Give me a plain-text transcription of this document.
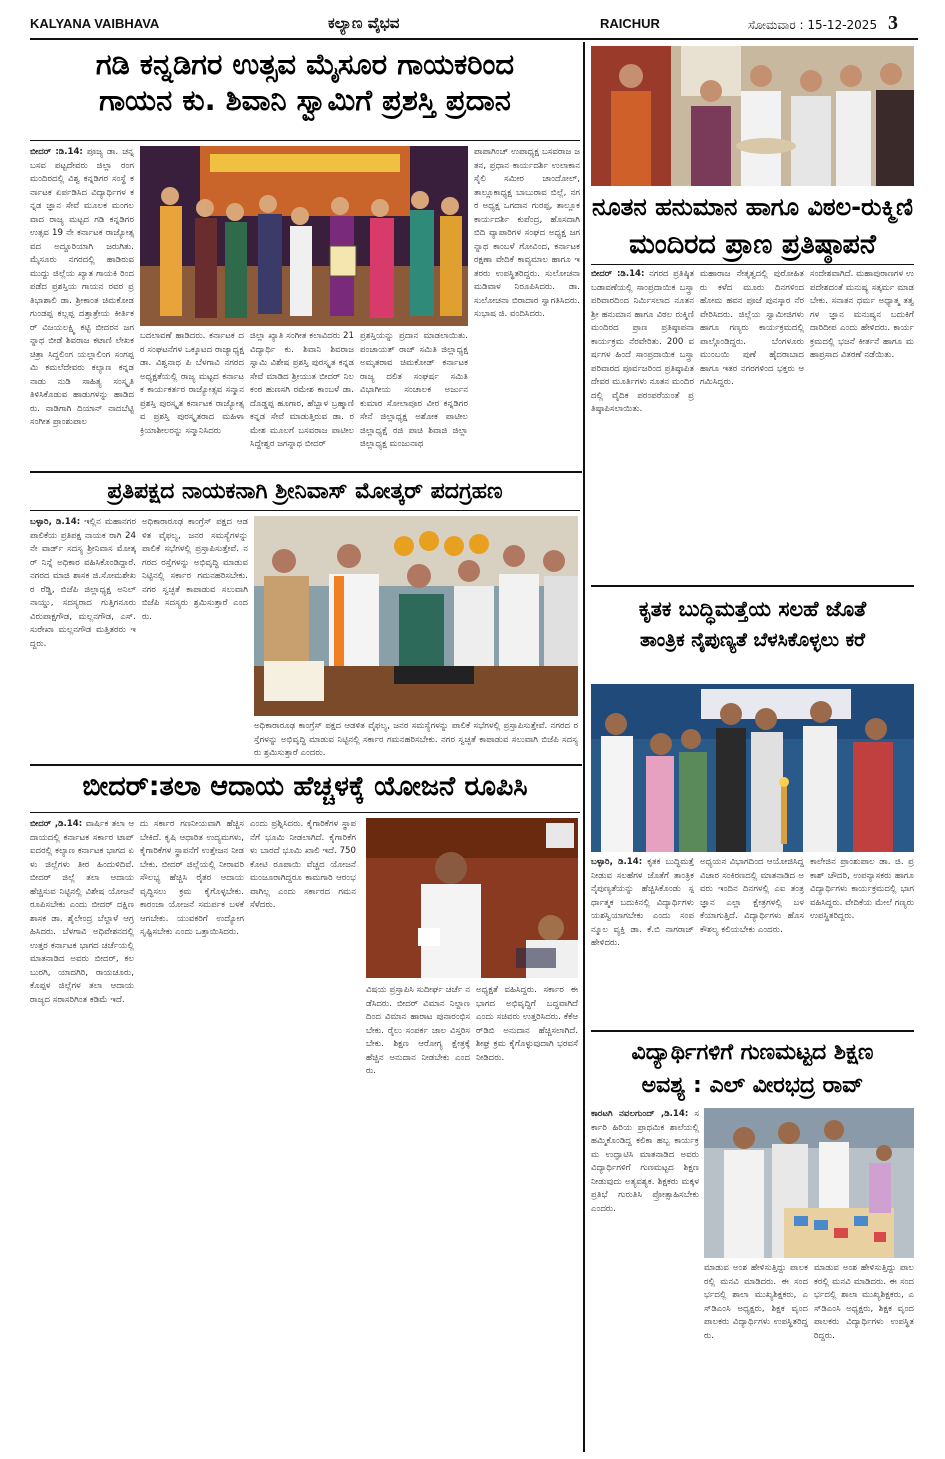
KALYANA VAIBHAVA	ಕಲ್ಯಾಣ ವೈಭವ	RAICHUR	ಸೋಮವಾರ : 15-12-2025 3
ಗಡಿ ಕನ್ನಡಿಗರ ಉತ್ಸವ ಮೈಸೂರ ಗಾಯಕರಿಂದ
ಗಾಯನ ಕು. ಶಿವಾನಿ ಸ್ವಾಮಿಗೆ ಪ್ರಶಸ್ತಿ ಪ್ರದಾನ
ಬೀದರ್ :ಡಿ.14: ಪೂಜ್ಯ ಡಾ. ಚನ್ನಬಸವ ಪಟ್ಟದೇವರು ಜಿಲ್ಲಾ ರಂಗಮಂದಿರದಲ್ಲಿ ವಿಶ್ವ ಕನ್ನಡಿಗರ ಸಂಸ್ಥೆ ಕರ್ನಾಟಕ ಏರ್ಪಡಿಸಿದ ವಿದ್ಯಾರ್ಥಿಗಳ ಕನ್ನಡ ಜ್ಞಾನ ಸೇವೆ ಮೂಲಕ ಮಂಗಲ ವಾದ ರಾಜ್ಯ ಮಟ್ಟದ ಗಡಿ ಕನ್ನಡಿಗರ ಉತ್ಸವ 19 ನೇ ಕರ್ನಾಟಕ ರಾಜ್ಯೋತ್ಸವದ ಅದ್ದೂರಿಯಾಗಿ ಜರುಗಿತು. ಮೈಸೂರು ನಗರದಲ್ಲಿ ಹಾಡಿರುವ ಮುದ್ದು ಜಿಲ್ಲೆಯ ಖ್ಯಾತ ಗಾಯಕಿ ರಿಂದ ಪಡೆದ ಪ್ರಶಸ್ತಿಯ ಗಾಯನ ರವರ ಪ್ರತಿಭಾಶಾಲಿ ಡಾ. ಶ್ರೀಕಾಂತ ಚಿಮಕೋಡ ಗುಂಡಪ್ಪ ಕಲ್ಲಪ್ಪ ದತ್ತಾತ್ರೇಯ ಕೀರ್ತಿಕರ್ ವಿಜಯಲಕ್ಷ್ಮಿ ಕಟ್ಟಿ ಬೀದರನ ಜಗನ್ನಾಥ ಬೀಡೆ ಶಿವರಾಜ ಕಟಾಣಿ ಲೇಖಕ ಚಿತ್ರಾ ಸಿದ್ದಲಿಂಗ ಯಲ್ಲಾಲಿಂಗ ಸಂಗಪ್ಪ ಮಿ ಕಮಲೆದೇವರು ಕಲ್ಯಾಣ ಕನ್ನಡ ನಾಡು ನುಡಿ ಸಾಹಿತ್ಯ ಸಂಸ್ಕೃತಿ ತಿಳಿಸಿಕೊಡುವ ಹಾಡುಗಳನ್ನು ಹಾಡಿದರು. ನಾಡಿಗಾಗಿ ದಿಯಾನ್ ನಾದಬೆಟ್ಟಿ ಸಂಗೀತ ಪ್ರಾಂಶುಪಾಲ
ಬದಲಾವಣೆ ಹಾಡಿದರು. ಕರ್ನಾಟಕ ದರ ಸಂಘಟನೆಗಳ ಒಕ್ಕೂಟದ ರಾಜ್ಯಾಧ್ಯಕ್ಷ ಡಾ. ವಿಶ್ವನಾಥ ಪಿ ಬೆಳಗಾವಿ ನಗರದ ಅಧ್ಯಕ್ಷತೆಯಲ್ಲಿ ರಾಜ್ಯ ಮಟ್ಟದ ಕರ್ನಾಟಕ ಕಾರ್ಯಕರ್ತರ ರಾಜ್ಯೋತ್ಸವ ಸನ್ಮಾನ ಪ್ರಶಸ್ತಿ ಪುರಸ್ಕೃತ ಕರ್ನಾಟಕ ರಾಜ್ಯೋತ್ಸವ ಪ್ರಶಸ್ತಿ ಪುರಸ್ಕೃತರಾದ ಮಹಿಳಾ ಕ್ರಿಯಾಶೀಲರನ್ನು ಸನ್ಮಾನಿಸಿದರು
ಜಿಲ್ಲಾ ಖ್ಯಾತಿ ಸಂಗೀತ ಕಲಾವಿದರು 21 ವಿದ್ಯಾರ್ಥಿ ಕು. ಶಿವಾನಿ ಶಿವರಾಜ ಸ್ವಾಮಿ ವಿಶೇಷ ಪ್ರಶಸ್ತಿ ಪುರಸ್ಕೃತ ಕನ್ನಡ ಸೇವೆ ಮಾಡಿದ ಶ್ರೀಯುತ ಬೀದರ್ ನಿಲಕಂಠ ಹುಣಸಗಿ ರಮೇಶ ಕಾಂಬಳೆ ಡಾ. ದೊಡ್ಡಪ್ಪ ಹೂಗಾರ, ಹೆಬ್ಬಾಳ ಬ್ರಹ್ಮಾಣಿ ಕನ್ನಡ ಸೇವೆ ಮಾಡುತ್ತಿರುವ ಡಾ. ರಮೇಶ ಮೂಲಗೆ ಬಸವರಾಜ ಪಾಟೀಲ ಸಿದ್ದೇಶ್ವರ ಜಗನ್ನಾಥ ಬೀದರ್
ಪ್ರಶಸ್ತಿಯನ್ನು ಪ್ರದಾನ ಮಾಡಲಾಯಿತು. ಪಂಚಾಯತ್ ರಾಜ್ ಸಮಿತಿ ಜಿಲ್ಲಾಧ್ಯಕ್ಷ ಅಮೃತರಾವ ಚಿಮಕೋಡ್ ಕರ್ನಾಟಕ ರಾಜ್ಯ ದಲಿತ ಸಂಘರ್ಷ ಸಮಿತಿ ವಿಭಾಗೀಯ ಸಂಚಾಲಕ ಅರ್ಜುನಕುಮಾರ ಸೋಲಾಪೂರ ವೀರ ಕನ್ನಡಿಗರ ಸೇನೆ ಜಿಲ್ಲಾಧ್ಯಕ್ಷ ಅಶೋಕ ಪಾಟೀಲ ಜಿಲ್ಲಾಧ್ಯಕ್ಷೆ ರಜಿ ಪಾಚಿ ಶಿವಾಜಿ ಜಿಲ್ಲಾ ಜಿಲ್ಲಾಧ್ಯಕ್ಷ ಮಂಜುನಾಥ
ಪಾಪಾಗಿಂಚ್ ಉಪಾಧ್ಯಕ್ಷ ಬಸವರಾಜ ಜತನ, ಪ್ರಧಾನ ಕಾರ್ಯದರ್ಶಿ ಉಲಾಕಾನ ಸೈಲಿ ಸಮೀರ ಚಾಂದೋಲ್, ತಾಲ್ಲೂಕಾಧ್ಯಕ್ಷ ಬಾಬುರಾವ ಬಿಲ್ಲೆ, ನಗರ ಅಧ್ಯಕ್ಷ ಒಗದಾನ ಗುರಪ್ಪ, ತಾಲ್ಲೂಕ ಕಾರ್ಯದರ್ಶಿ ಕುಪೆಂದ್ರ, ಹೊಸದಾಗಿ ಬಿದಿ ವ್ಯಾಪಾರಿಗಳ ಸಂಘದ ಅಧ್ಯಕ್ಷ ಜಗನ್ನಾಥ ಕಾಂಬಳೆ ಗೋವಿಂದ, ಕರ್ನಾಟಕ ರಕ್ಷಣಾ ವೇದಿಕೆ ಕಾವ್ಯಮಾಲ ಹಾಗೂ ಇತರರು ಉಪಸ್ಥಿತರಿದ್ದರು. ಸುಲೋಚನಾ ಮಡಿವಾಳ ನಿರೂಪಿಸಿದರು. ಡಾ. ಸುಲೋಚನಾ ಬಿರಾದಾರ ಸ್ವಾಗತಿಸಿದರು. ಸುಭಾಷ ಜಿ. ವಂದಿಸಿದರು.
ನೂತನ ಹನುಮಾನ ಹಾಗೂ ವಿಠಲ-ರುಕ್ಮಿಣಿ
ಮಂದಿರದ ಪ್ರಾಣ ಪ್ರತಿಷ್ಠಾಪನೆ
ಬೀದರ್ :ಡಿ.14: ನಗರದ ಪ್ರತಿಷ್ಠಿತ ಬಡಾವಣೆಯಲ್ಲಿ ಸಾಂಪ್ರದಾಯಿಕ ಬಸ್ತ್ರಾ ಪರಿವಾರದಿಂದ ನಿರ್ಮಿಸಲಾದ ನೂತನ ಶ್ರೀ ಹನುಮಾನ ಹಾಗೂ ವಿಠಲ ರುಕ್ಮಿಣಿ ಮಂದಿರದ ಪ್ರಾಣ ಪ್ರತಿಷ್ಠಾಪನಾ ಕಾರ್ಯಕ್ರಮ ನೆರವೇರಿತು. 200 ವರ್ಷಗಳ ಹಿಂದೆ ಸಾಂಪ್ರದಾಯಿಕ ಬಸ್ತ್ರಾ ಪರಿವಾರದ ಪೂರ್ವಜರಿಂದ ಪ್ರತಿಷ್ಠಾಪಿತ ದೇವರ ಮೂರ್ತಿಗಳು ನೂತನ ಮಂದಿರದಲ್ಲಿ ವೈದಿಕ ಪರಂಪರೆಯಂತೆ ಪ್ರತಿಷ್ಠಾಪಿಸಲಾಯಿತು.
ಮಹಾರಾಜ ನೇತೃತ್ವದಲ್ಲಿ ಪುರೋಹಿತರು ಕಳೆದ ಮೂರು ದಿನಗಳಿಂದ ಹೋಮ ಹವನ ಪೂಜೆ ಪುನಸ್ಕಾರ ನೆರವೇರಿಸಿದರು. ಜಿಲ್ಲೆಯ ಸ್ವಾಮೀಜಿಗಳು ಹಾಗೂ ಗಣ್ಯರು ಕಾರ್ಯಕ್ರಮದಲ್ಲಿ ಪಾಲ್ಗೊಂಡಿದ್ದರು. ಬೆಂಗಳೂರು ಮುಂಬಯಿ ಪುಣೆ ಹೈದರಾಬಾದ ಹಾಗೂ ಇತರ ನಗರಗಳಿಂದ ಭಕ್ತರು ಆಗಮಿಸಿದ್ದರು.
ಸಂದೇಶವಾಗಿದೆ. ಮಹಾಪುರಾಣಗಳ ಉಪದೇಶದಂತೆ ಮನುಷ್ಯ ಸತ್ಕರ್ಮ ಮಾಡಬೇಕು. ಸನಾತನ ಧರ್ಮ ಅಧ್ಯಾತ್ಮ ತತ್ವಗಳ ಜ್ಞಾನ ಮನುಷ್ಯನ ಬದುಕಿಗೆ ದಾರಿದೀಪ ಎಂದು ಹೇಳಿದರು. ಕಾರ್ಯಕ್ರಮದಲ್ಲಿ ಭಜನೆ ಕೀರ್ತನೆ ಹಾಗೂ ಮಹಾಪ್ರಸಾದ ವಿತರಣೆ ನಡೆಯಿತು.
ಪ್ರತಿಪಕ್ಷದ ನಾಯಕನಾಗಿ ಶ್ರೀನಿವಾಸ್ ಮೋತ್ಕರ್ ಪದಗ್ರಹಣ
ಬಳ್ಳಾರಿ, ಡಿ.14: ಇಲ್ಲಿನ ಮಹಾನಗರ ಪಾಲಿಕೆಯ ಪ್ರತಿಪಕ್ಷ ನಾಯಕ ರಾಗಿ 24ನೇ ವಾರ್ಡ್ ಸದಸ್ಯ ಶ್ರೀನಿವಾಸ ಮೋತ್ಕರ್ ನಿನ್ನೆ ಅಧಿಕಾರ ವಹಿಸಿಕೊಂಡಿದ್ದಾರೆ. ನಗರದ ಮಾಜಿ ಶಾಸಕ ಜಿ.ಸೋಮಶೇಖರ ರೆಡ್ಡಿ, ಬಿಜೆಪಿ ಜಿಲ್ಲಾಧ್ಯಕ್ಷ ಅನಿಲ್ ನಾಯ್ಡು, ಸದಸ್ಯರಾದ ಗುತ್ತಿಗನೂರು ವಿರುಪಾಕ್ಷಗೌಡ, ಮಲ್ಲನಗೌಡ, ಎಸ್.ಸುರೇಖಾ ಮಲ್ಲನಗೌಡ ಮತ್ತಿತರರು ಇದ್ದರು.
ಅಧಿಕಾರಾರೂಢ ಕಾಂಗ್ರೆಸ್ ಪಕ್ಷದ ಆಡಳಿತ ವೈಫಲ್ಯ, ಜನರ ಸಮಸ್ಯೆಗಳನ್ನು ಪಾಲಿಕೆ ಸಭೆಗಳಲ್ಲಿ ಪ್ರಸ್ತಾಪಿಸುತ್ತೇವೆ. ನಗರದ ರಸ್ತೆಗಳನ್ನು ಅಭಿವೃದ್ಧಿ ಮಾಡುವ ನಿಟ್ಟಿನಲ್ಲಿ ಸರ್ಕಾರ ಗಮನಹರಿಸಬೇಕು. ನಗರ ಸ್ವಚ್ಛತೆ ಕಾಪಾಡುವ ಸಲುವಾಗಿ ಬಿಜೆಪಿ ಸದಸ್ಯರು ಶ್ರಮಿಸುತ್ತಾರೆ ಎಂದರು.
ಅಧಿಕಾರಾರೂಢ ಕಾಂಗ್ರೆಸ್ ಪಕ್ಷದ ಆಡಳಿತ ವೈಫಲ್ಯ, ಜನರ ಸಮಸ್ಯೆಗಳನ್ನು ಪಾಲಿಕೆ ಸಭೆಗಳಲ್ಲಿ ಪ್ರಸ್ತಾಪಿಸುತ್ತೇವೆ. ನಗರದ ರಸ್ತೆಗಳನ್ನು ಅಭಿವೃದ್ಧಿ ಮಾಡುವ ನಿಟ್ಟಿನಲ್ಲಿ ಸರ್ಕಾರ ಗಮನಹರಿಸಬೇಕು. ನಗರ ಸ್ವಚ್ಛತೆ ಕಾಪಾಡುವ ಸಲುವಾಗಿ ಬಿಜೆಪಿ ಸದಸ್ಯರು ಶ್ರಮಿಸುತ್ತಾರೆ ಎಂದರು.
ಬೀದರ್:ತಲಾ ಆದಾಯ ಹೆಚ್ಚಳಕ್ಕೆ ಯೋಜನೆ ರೂಪಿಸಿ
ಬೀದರ್ ,ಡಿ.14: ವಾರ್ಷಿಕ ತಲಾ ಆದಾಯದಲ್ಲಿ ಕರ್ನಾಟಕ ಸರ್ಕಾರ ಟಾಪ್ ಐದರಲ್ಲಿ ಕಲ್ಯಾಣ ಕರ್ನಾಟಕ ಭಾಗದ ಏಳು ಜಿಲ್ಲೆಗಳು ತೀರ ಹಿಂದುಳಿದಿವೆ. ಬೀದರ್ ಜಿಲ್ಲೆ ತಲಾ ಆದಾಯ ಹೆಚ್ಚಿಸುವ ನಿಟ್ಟಿನಲ್ಲಿ ವಿಶೇಷ ಯೋಜನೆ ರೂಪಿಸಬೇಕು ಎಂದು ಬೀದರ್ ದಕ್ಷಿಣ ಶಾಸಕ ಡಾ. ಶೈಲೇಂದ್ರ ಬೆಲ್ದಾಳೆ ಆಗ್ರಹಿಸಿದರು. ಬೆಳಗಾವಿ ಅಧಿವೇಶನದಲ್ಲಿ ಉತ್ತರ ಕರ್ನಾಟಕ ಭಾಗದ ಚರ್ಚೆಯಲ್ಲಿ ಮಾತನಾಡಿದ ಅವರು ಬೀದರ್, ಕಲಬುರಗಿ, ಯಾದಗಿರಿ, ರಾಯಚೂರು, ಕೊಪ್ಪಳ ಜಿಲ್ಲೆಗಳ ತಲಾ ಆದಾಯ ರಾಜ್ಯದ ಸರಾಸರಿಗಿಂತ ಕಡಿಮೆ ಇದೆ.
ದು ಸರ್ಕಾರ ಗಣನೀಯವಾಗಿ ಹೆಚ್ಚಿಸಬೇಕಿದೆ. ಕೃಷಿ ಆಧಾರಿತ ಉದ್ಯಮಗಳು, ಕೈಗಾರಿಕೆಗಳ ಸ್ಥಾಪನೆಗೆ ಉತ್ತೇಜನ ನೀಡಬೇಕು. ಬೀದರ್ ಜಿಲ್ಲೆಯಲ್ಲಿ ನೀರಾವರಿ ಸೌಲಭ್ಯ ಹೆಚ್ಚಿಸಿ ರೈತರ ಆದಾಯ ವೃದ್ಧಿಸಲು ಕ್ರಮ ಕೈಗೊಳ್ಳಬೇಕು. ಕಾರಂಜಾ ಯೋಜನೆ ಸಮರ್ಪಕ ಬಳಕೆ ಆಗಬೇಕು. ಯುವಕರಿಗೆ ಉದ್ಯೋಗ ಸೃಷ್ಟಿಸಬೇಕು ಎಂದು ಒತ್ತಾಯಿಸಿದರು.
ಎಂದು ಪ್ರಶ್ನಿಸಿದರು. ಕೈಗಾರಿಕೆಗಳ ಸ್ಥಾಪನೆಗೆ ಭೂಮಿ ನೀಡಲಾಗಿದೆ. ಕೈಗಾರಿಕೆಗಳು ಬಾರದೆ ಭೂಮಿ ಖಾಲಿ ಇದೆ. 750 ಕೋಟಿ ರೂಪಾಯಿ ವೆಚ್ಚದ ಯೋಜನೆ ಮಂಜೂರಾಗಿದ್ದರೂ ಕಾಮಗಾರಿ ಆರಂಭವಾಗಿಲ್ಲ ಎಂದು ಸರ್ಕಾರದ ಗಮನ ಸೆಳೆದರು.
ವಿಷಯ ಪ್ರಸ್ತಾಪಿಸಿ ಸುದೀರ್ಘ ಚರ್ಚೆ ನಡೆಸಿದರು. ಬೀದರ್ ವಿಮಾನ ನಿಲ್ದಾಣದಿಂದ ವಿಮಾನ ಹಾರಾಟ ಪುನಾರಂಭಿಸಬೇಕು. ರೈಲು ಸಂಪರ್ಕ ಜಾಲ ವಿಸ್ತರಿಸಬೇಕು. ಶಿಕ್ಷಣ ಆರೋಗ್ಯ ಕ್ಷೇತ್ರಕ್ಕೆ ಹೆಚ್ಚಿನ ಅನುದಾನ ನೀಡಬೇಕು ಎಂದರು.
ಅಧ್ಯಕ್ಷತೆ ವಹಿಸಿದ್ದರು. ಸರ್ಕಾರ ಈ ಭಾಗದ ಅಭಿವೃದ್ಧಿಗೆ ಬದ್ಧವಾಗಿದೆ ಎಂದು ಸಚಿವರು ಉತ್ತರಿಸಿದರು. ಕೆಕೆಆರ್‌ಡಿಬಿ ಅನುದಾನ ಹೆಚ್ಚಿಸಲಾಗಿದೆ. ಶೀಘ್ರ ಕ್ರಮ ಕೈಗೊಳ್ಳುವುದಾಗಿ ಭರವಸೆ ನೀಡಿದರು.
ಕೃತಕ ಬುದ್ಧಿಮತ್ತೆಯ ಸಲಹೆ ಜೊತೆ
ತಾಂತ್ರಿಕ ನೈಪುಣ್ಯತೆ ಬೆಳಸಿಕೊಳ್ಳಲು ಕರೆ
ಬಳ್ಳಾರಿ, ಡಿ.14: ಕೃತಕ ಬುದ್ಧಿಮತ್ತೆ ನೀಡುವ ಸಲಹೆಗಳ ಜೊತೆಗೆ ತಾಂತ್ರಿಕ ನೈಪುಣ್ಯತೆಯನ್ನು ಹೆಚ್ಚಿಸಿಕೊಂಡು ಸ್ಪರ್ಧಾತ್ಮಕ ಬದುಕಿನಲ್ಲಿ ವಿದ್ಯಾರ್ಥಿಗಳು ಯಶಸ್ವಿಯಾಗಬೇಕು ಎಂದು ಸಂಪನ್ಮೂಲ ವ್ಯಕ್ತಿ ಡಾ. ಕೆ.ಬಿ ನಾಗರಾಜ್ ಹೇಳಿದರು.
ಅಧ್ಯಯನ ವಿಭಾಗದಿಂದ ಆಯೋಜಿಸಿದ್ದ ವಿಚಾರ ಸಂಕಿರಣದಲ್ಲಿ ಮಾತನಾಡಿದ ಅವರು ಇಂದಿನ ದಿನಗಳಲ್ಲಿ ಎಐ ತಂತ್ರಜ್ಞಾನ ಎಲ್ಲಾ ಕ್ಷೇತ್ರಗಳಲ್ಲಿ ಬಳಕೆಯಾಗುತ್ತಿದೆ. ವಿದ್ಯಾರ್ಥಿಗಳು ಹೊಸ ಕೌಶಲ್ಯ ಕಲಿಯಬೇಕು ಎಂದರು.
ಕಾಲೇಜಿನ ಪ್ರಾಂಶುಪಾಲ ಡಾ. ಜಿ. ಪ್ರಕಾಶ್ ಚೌದರಿ, ಉಪನ್ಯಾಸಕರು ಹಾಗೂ ವಿದ್ಯಾರ್ಥಿಗಳು ಕಾರ್ಯಕ್ರಮದಲ್ಲಿ ಭಾಗವಹಿಸಿದ್ದರು. ವೇದಿಕೆಯ ಮೇಲೆ ಗಣ್ಯರು ಉಪಸ್ಥಿತರಿದ್ದರು.
ವಿದ್ಯಾರ್ಥಿಗಳಿಗೆ ಗುಣಮಟ್ಟದ ಶಿಕ್ಷಣ
ಅವಶ್ಯ : ಎಲ್ ವೀರಭದ್ರ ರಾವ್
ಕಾರಟಗಿ ನವಲಗುಂದ್ ,ಡಿ.14: ಸರ್ಕಾರಿ ಹಿರಿಯ ಪ್ರಾಥಮಿಕ ಶಾಲೆಯಲ್ಲಿ ಹಮ್ಮಿಕೊಂಡಿದ್ದ ಕಲಿಕಾ ಹಬ್ಬ ಕಾರ್ಯಕ್ರಮ ಉದ್ಘಾಟಿಸಿ ಮಾತನಾಡಿದ ಅವರು ವಿದ್ಯಾರ್ಥಿಗಳಿಗೆ ಗುಣಮಟ್ಟದ ಶಿಕ್ಷಣ ನೀಡುವುದು ಅತ್ಯವಶ್ಯಕ. ಶಿಕ್ಷಕರು ಮಕ್ಕಳ ಪ್ರತಿಭೆ ಗುರುತಿಸಿ ಪ್ರೋತ್ಸಾಹಿಸಬೇಕು ಎಂದರು.
ಮಾಡುವ ಅಂಶ ಹೇಳಿಸುತ್ತಿದ್ದು ಪಾಲಕರಲ್ಲಿ ಮನವಿ ಮಾಡಿದರು. ಈ ಸಂದರ್ಭದಲ್ಲಿ ಶಾಲಾ ಮುಖ್ಯಶಿಕ್ಷಕರು, ಎಸ್‌ಡಿಎಂಸಿ ಅಧ್ಯಕ್ಷರು, ಶಿಕ್ಷಕ ವೃಂದ ಪಾಲಕರು ವಿದ್ಯಾರ್ಥಿಗಳು ಉಪಸ್ಥಿತರಿದ್ದರು.
ಮಾಡುವ ಅಂಶ ಹೇಳಿಸುತ್ತಿದ್ದು ಪಾಲಕರಲ್ಲಿ ಮನವಿ ಮಾಡಿದರು. ಈ ಸಂದರ್ಭದಲ್ಲಿ ಶಾಲಾ ಮುಖ್ಯಶಿಕ್ಷಕರು, ಎಸ್‌ಡಿಎಂಸಿ ಅಧ್ಯಕ್ಷರು, ಶಿಕ್ಷಕ ವೃಂದ ಪಾಲಕರು ವಿದ್ಯಾರ್ಥಿಗಳು ಉಪಸ್ಥಿತರಿದ್ದರು.
